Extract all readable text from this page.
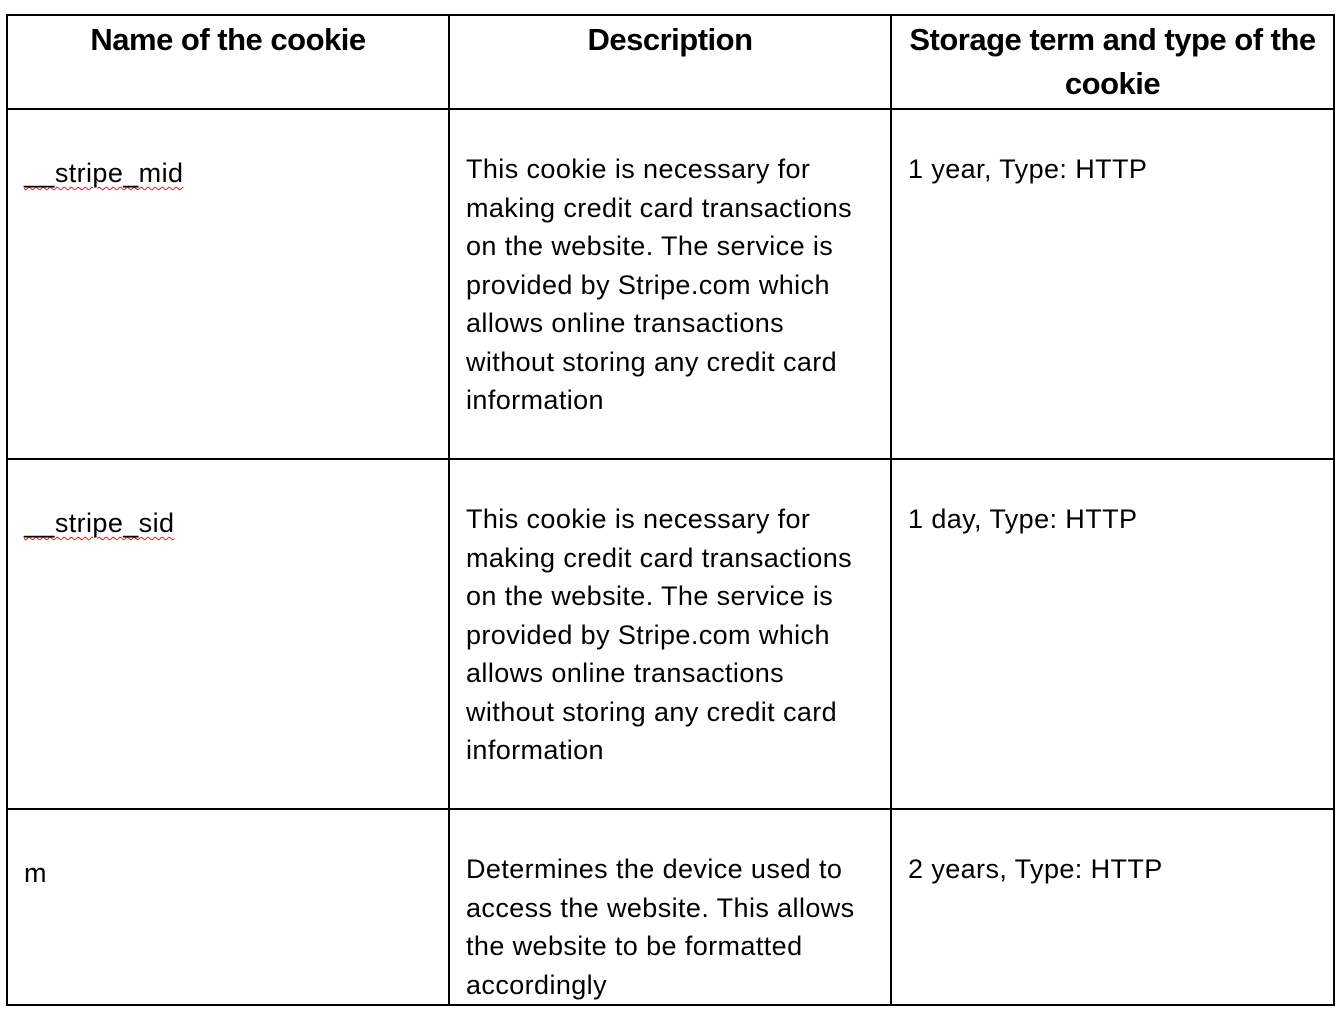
Name of the cookie	Description	Storage term and type of the cookie
__stripe_mid	This cookie is necessary for making credit card transactions on the website. The service is provided by Stripe.com which allows online transactions without storing any credit card information	1 year, Type: HTTP
__stripe_sid	This cookie is necessary for making credit card transactions on the website. The service is provided by Stripe.com which allows online transactions without storing any credit card information	1 day, Type: HTTP
m	Determines the device used to access the website. This allows the website to be formatted accordingly	2 years, Type: HTTP
